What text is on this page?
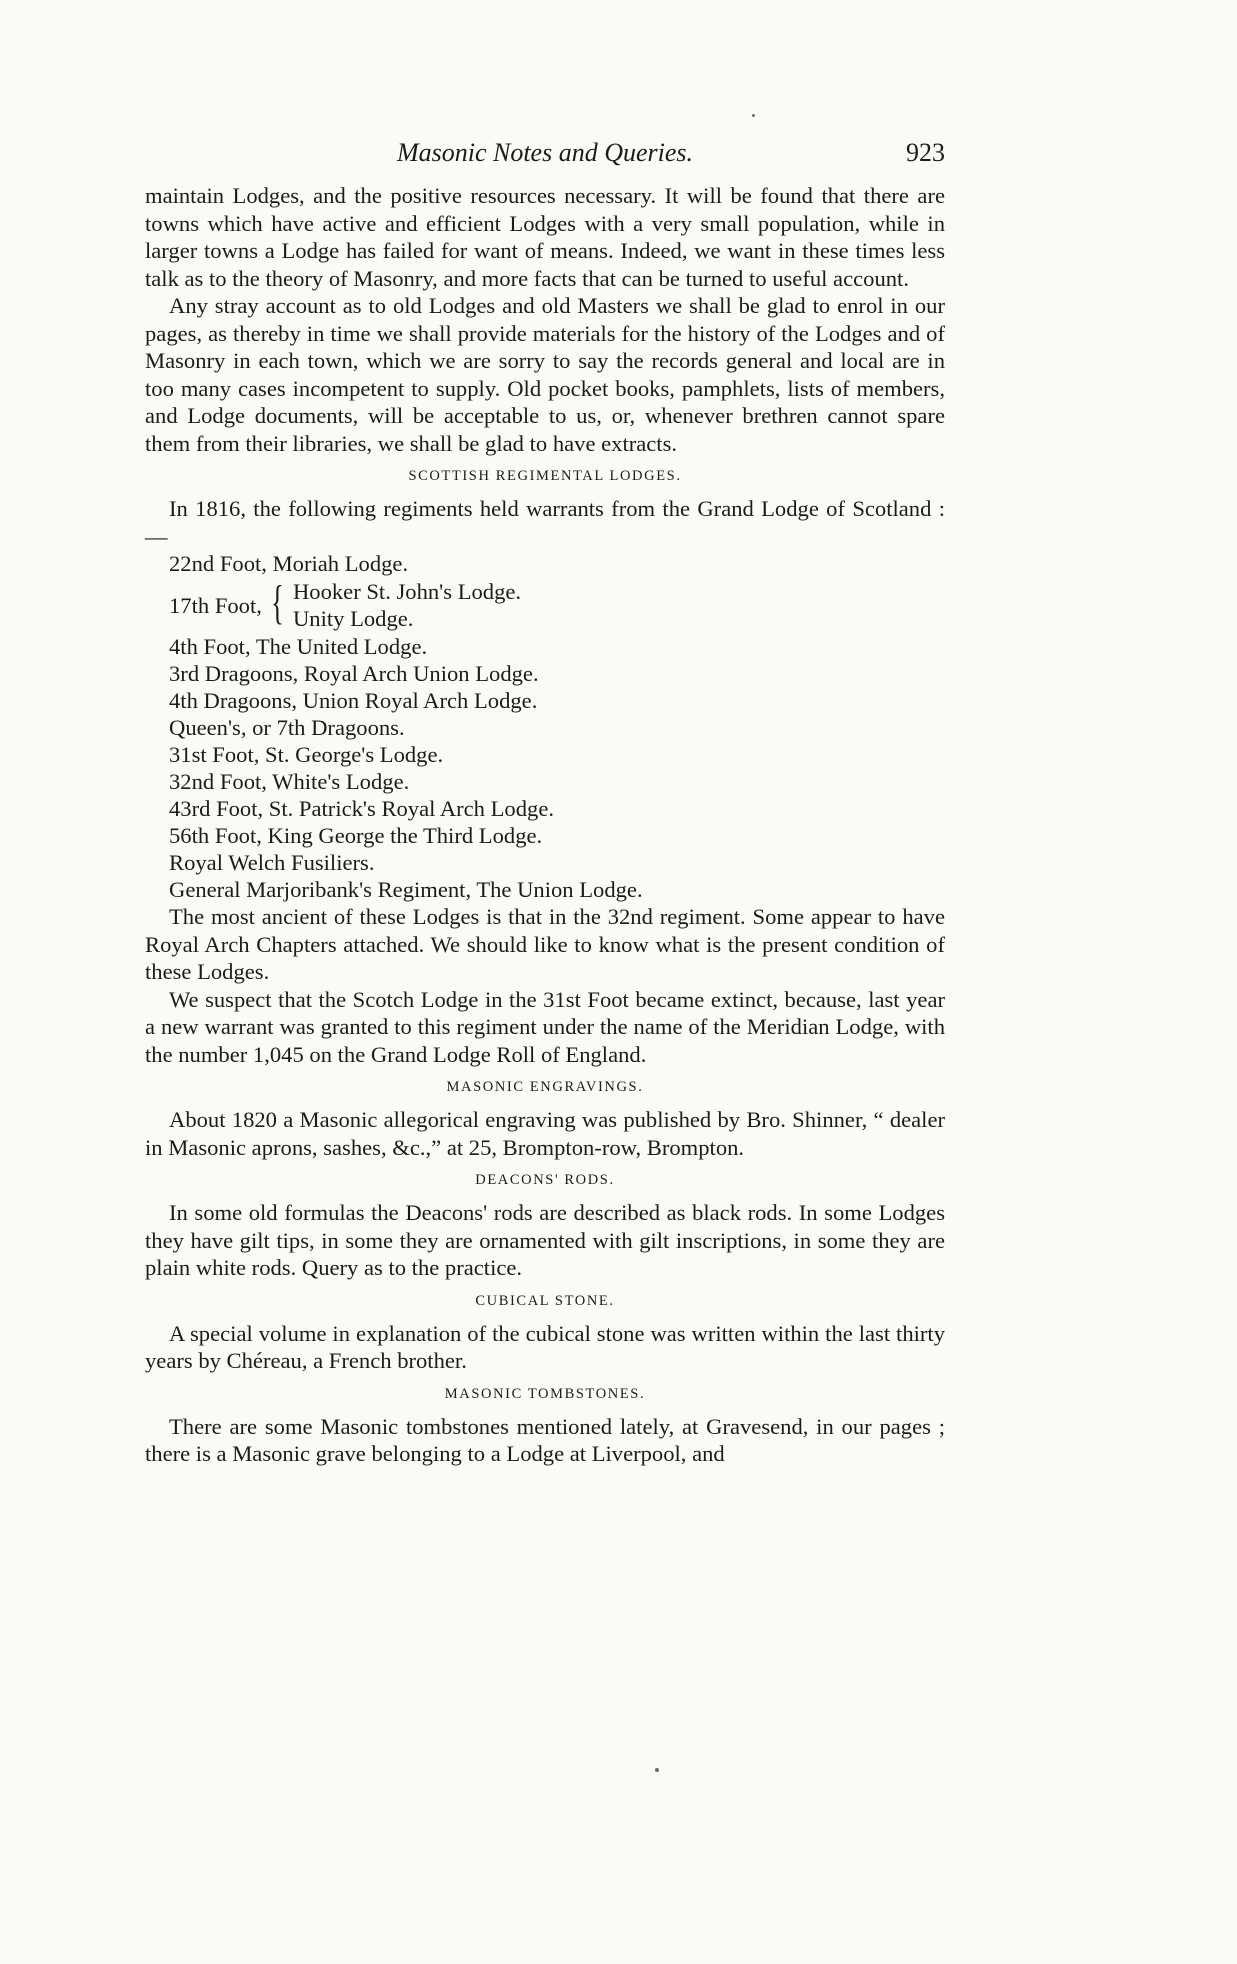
Masonic Notes and Queries.	923

maintain Lodges, and the positive resources necessary. It will be found that there are towns which have active and efficient Lodges with a very small population, while in larger towns a Lodge has failed for want of means. Indeed, we want in these times less talk as to the theory of Masonry, and more facts that can be turned to useful account.

Any stray account as to old Lodges and old Masters we shall be glad to enrol in our pages, as thereby in time we shall provide materials for the history of the Lodges and of Masonry in each town, which we are sorry to say the records general and local are in too many cases incompetent to supply. Old pocket books, pamphlets, lists of members, and Lodge documents, will be acceptable to us, or, whenever brethren cannot spare them from their libraries, we shall be glad to have extracts.

SCOTTISH REGIMENTAL LODGES.

In 1816, the following regiments held warrants from the Grand Lodge of Scotland :—

22nd Foot, Moriah Lodge.
17th Foot, { Hooker St. John's Lodge.
Unity Lodge.
4th Foot, The United Lodge.
3rd Dragoons, Royal Arch Union Lodge.
4th Dragoons, Union Royal Arch Lodge.
Queen's, or 7th Dragoons.
31st Foot, St. George's Lodge.
32nd Foot, White's Lodge.
43rd Foot, St. Patrick's Royal Arch Lodge.
56th Foot, King George the Third Lodge.
Royal Welch Fusiliers.
General Marjoribank's Regiment, The Union Lodge.

The most ancient of these Lodges is that in the 32nd regiment. Some appear to have Royal Arch Chapters attached. We should like to know what is the present condition of these Lodges.

We suspect that the Scotch Lodge in the 31st Foot became extinct, because, last year a new warrant was granted to this regiment under the name of the Meridian Lodge, with the number 1,045 on the Grand Lodge Roll of England.

MASONIC ENGRAVINGS.

About 1820 a Masonic allegorical engraving was published by Bro. Shinner, “ dealer in Masonic aprons, sashes, &c.,” at 25, Brompton-row, Brompton.

DEACONS' RODS.

In some old formulas the Deacons' rods are described as black rods. In some Lodges they have gilt tips, in some they are ornamented with gilt inscriptions, in some they are plain white rods. Query as to the practice.

CUBICAL STONE.

A special volume in explanation of the cubical stone was written within the last thirty years by Chéreau, a French brother.

MASONIC TOMBSTONES.

There are some Masonic tombstones mentioned lately, at Gravesend, in our pages ; there is a Masonic grave belonging to a Lodge at Liverpool, and
